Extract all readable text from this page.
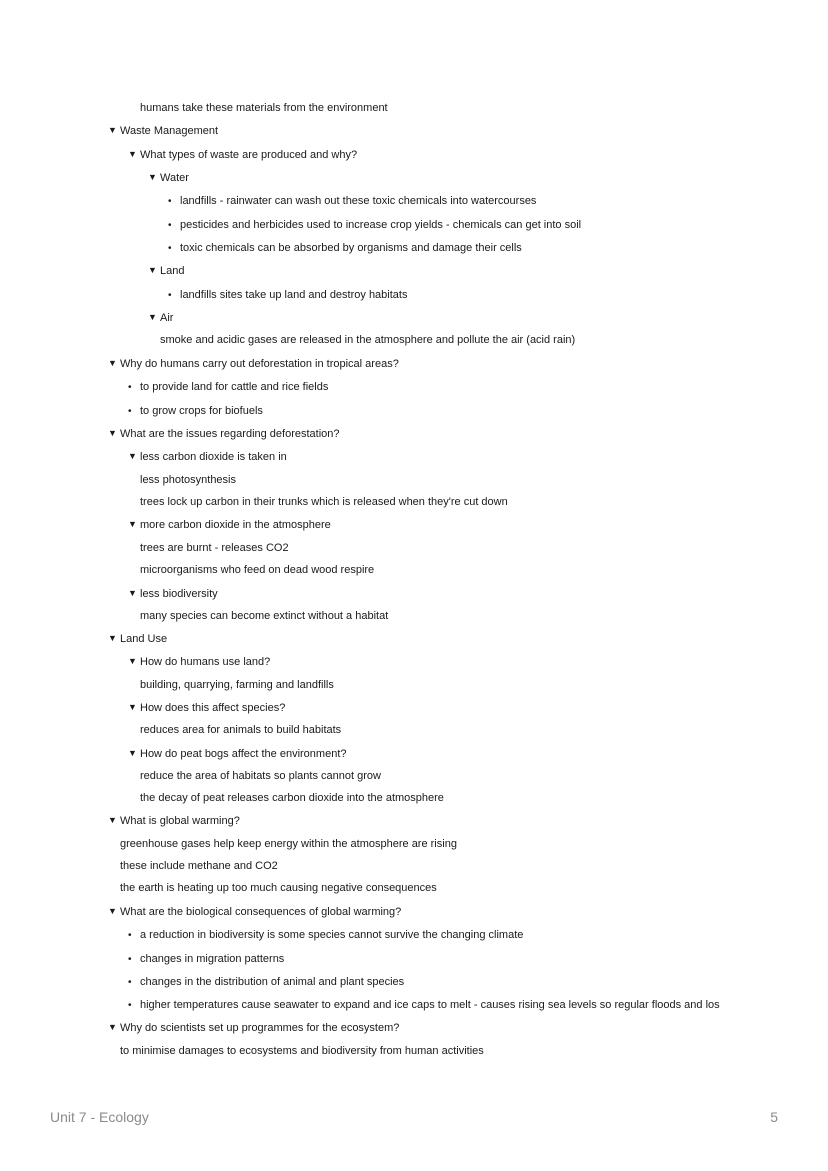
humans take these materials from the environment
▼ Waste Management
▼ What types of waste are produced and why?
▼ Water
• landfills - rainwater can wash out these toxic chemicals into watercourses
• pesticides and herbicides used to increase crop yields - chemicals can get into soil
• toxic chemicals can be absorbed by organisms and damage their cells
▼ Land
• landfills sites take up land and destroy habitats
▼ Air
smoke and acidic gases are released in the atmosphere and pollute the air (acid rain)
▼ Why do humans carry out deforestation in tropical areas?
• to provide land for cattle and rice fields
• to grow crops for biofuels
▼ What are the issues regarding deforestation?
▼ less carbon dioxide is taken in
less photosynthesis
trees lock up carbon in their trunks which is released when they're cut down
▼ more carbon dioxide in the atmosphere
trees are burnt - releases CO2
microorganisms who feed on dead wood respire
▼ less biodiversity
many species can become extinct without a habitat
▼ Land Use
▼ How do humans use land?
building, quarrying, farming and landfills
▼ How does this affect species?
reduces area for animals to build habitats
▼ How do peat bogs affect the environment?
reduce the area of habitats so plants cannot grow
the decay of peat releases carbon dioxide into the atmosphere
▼ What is global warming?
greenhouse gases help keep energy within the atmosphere are rising
these include methane and CO2
the earth is heating up too much causing negative consequences
▼ What are the biological consequences of global warming?
• a reduction in biodiversity is some species cannot survive the changing climate
• changes in migration patterns
• changes in the distribution of animal and plant species
• higher temperatures cause seawater to expand and ice caps to melt - causes rising sea levels so regular floods and los
▼ Why do scientists set up programmes for the ecosystem?
to minimise damages to ecosystems and biodiversity from human activities
Unit 7 - Ecology	5
